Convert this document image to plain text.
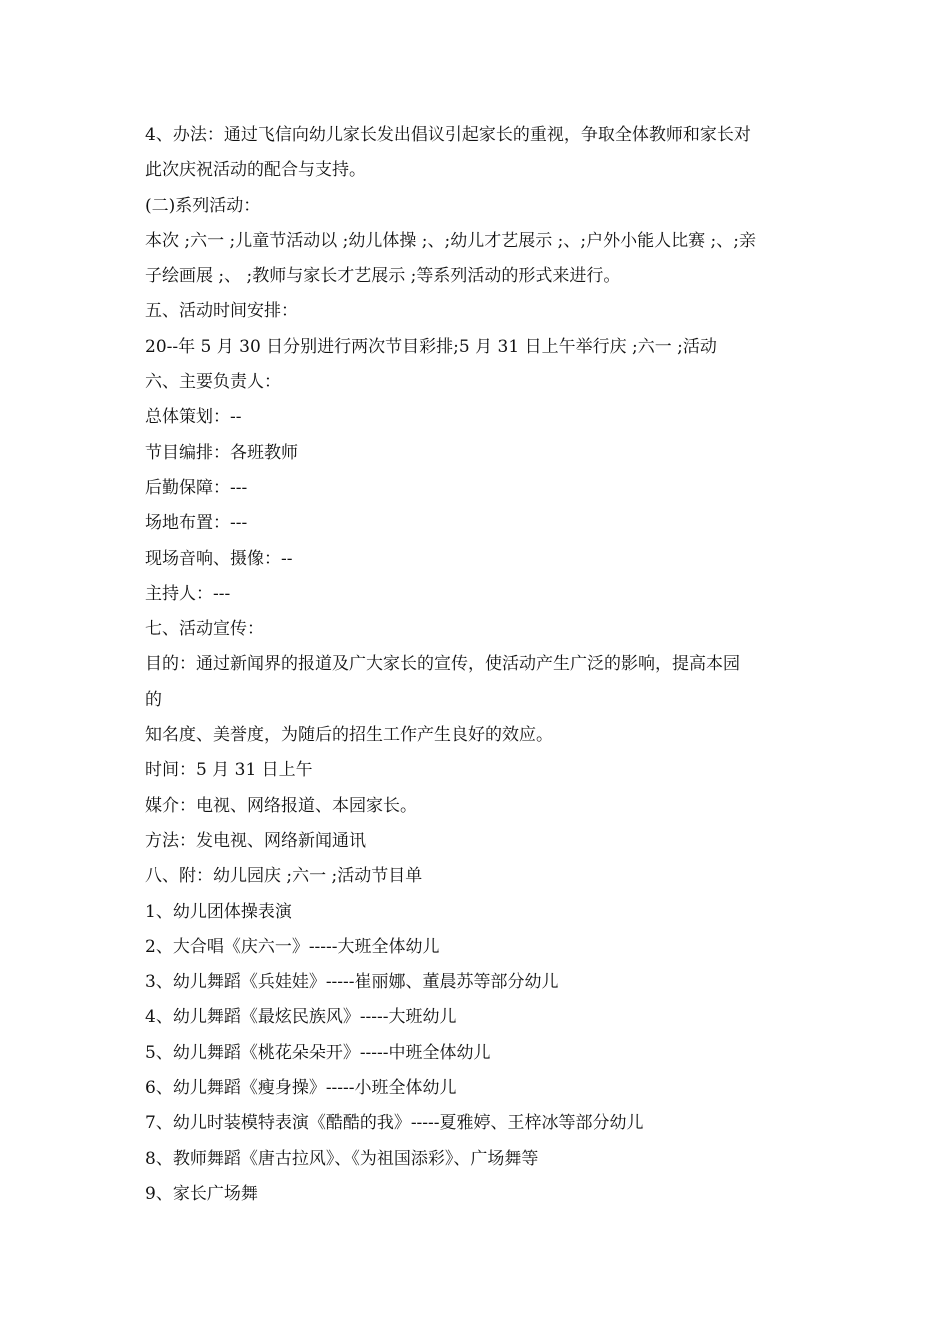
4、办法：通过飞信向幼儿家长发出倡议引起家长的重视，争取全体教师和家长对
此次庆祝活动的配合与支持。
(二)系列活动：
本次 ;六一 ;儿童节活动以 ;幼儿体操 ;、;幼儿才艺展示 ;、;户外小能人比赛 ;、;亲
子绘画展 ;、 ;教师与家长才艺展示 ;等系列活动的形式来进行。
五、活动时间安排：
20--年 5 月 30 日分别进行两次节目彩排;5 月 31 日上午举行庆 ;六一 ;活动
六、主要负责人：
总体策划：--
节目编排：各班教师
后勤保障：---
场地布置：---
现场音响、摄像：--
主持人：---
七、活动宣传：
目的：通过新闻界的报道及广大家长的宣传，使活动产生广泛的影响，提高本园
的
知名度、美誉度，为随后的招生工作产生良好的效应。
时间：5 月 31 日上午
媒介：电视、网络报道、本园家长。
方法：发电视、网络新闻通讯
八、附：幼儿园庆 ;六一 ;活动节目单
1、幼儿团体操表演
2、大合唱《庆六一》-----大班全体幼儿
3、幼儿舞蹈《兵娃娃》-----崔丽娜、董晨苏等部分幼儿
4、幼儿舞蹈《最炫民族风》-----大班幼儿
5、幼儿舞蹈《桃花朵朵开》-----中班全体幼儿
6、幼儿舞蹈《瘦身操》-----小班全体幼儿
7、幼儿时装模特表演《酷酷的我》-----夏雅婷、王梓冰等部分幼儿
8、教师舞蹈《唐古拉风》、《为祖国添彩》、广场舞等
9、家长广场舞
